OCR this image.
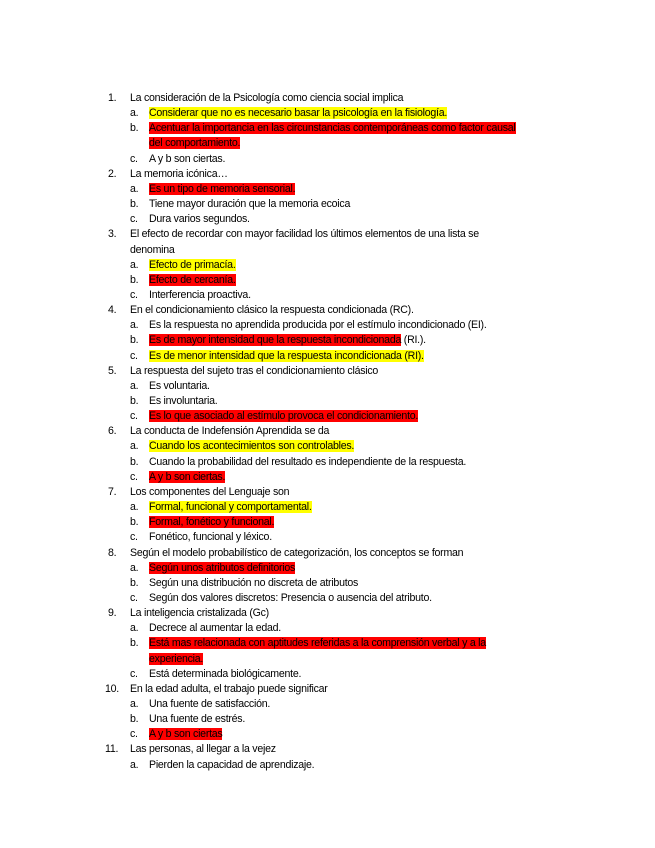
1. La consideración de la Psicología como ciencia social implica
a. Considerar que no es necesario basar la psicología en la fisiología.
b. Acentuar la importancia en las circunstancias contemporáneas como factor causal
del comportamiento.
c. A y b son ciertas.
2. La memoria icónica…
a. Es un tipo de memoria sensorial.
b. Tiene mayor duración que la memoria ecoica
c. Dura varios segundos.
3. El efecto de recordar con mayor facilidad los últimos elementos de una lista se
denomina
a. Efecto de primacía.
b. Efecto de cercanía.
c. Interferencia proactiva.
4. En el condicionamiento clásico la respuesta condicionada (RC).
a. Es la respuesta no aprendida producida por el estímulo incondicionado (EI).
b. Es de mayor intensidad que la respuesta incondicionada (RI.).
c. Es de menor intensidad que la respuesta incondicionada (RI).
5. La respuesta del sujeto tras el condicionamiento clásico
a. Es voluntaria.
b. Es involuntaria.
c. Es lo que asociado al estímulo provoca el condicionamiento.
6. La conducta de Indefensión Aprendida se da
a. Cuando los acontecimientos son controlables.
b. Cuando la probabilidad del resultado es independiente de la respuesta.
c. A y b son ciertas.
7. Los componentes del Lenguaje son
a. Formal, funcional y comportamental.
b. Formal, fonético y funcional.
c. Fonético, funcional y léxico.
8. Según el modelo probabilístico de categorización, los conceptos se forman
a. Según unos atributos definitorios
b. Según una distribución no discreta de atributos
c. Según dos valores discretos: Presencia o ausencia del atributo.
9. La inteligencia cristalizada (Gc)
a. Decrece al aumentar la edad.
b. Está mas relacionada con aptitudes referidas a la comprensión verbal y a la
experiencia.
c. Está determinada biológicamente.
10. En la edad adulta, el trabajo puede significar
a. Una fuente de satisfacción.
b. Una fuente de estrés.
c. A y b son ciertas
11. Las personas, al llegar a la vejez
a. Pierden la capacidad de aprendizaje.
